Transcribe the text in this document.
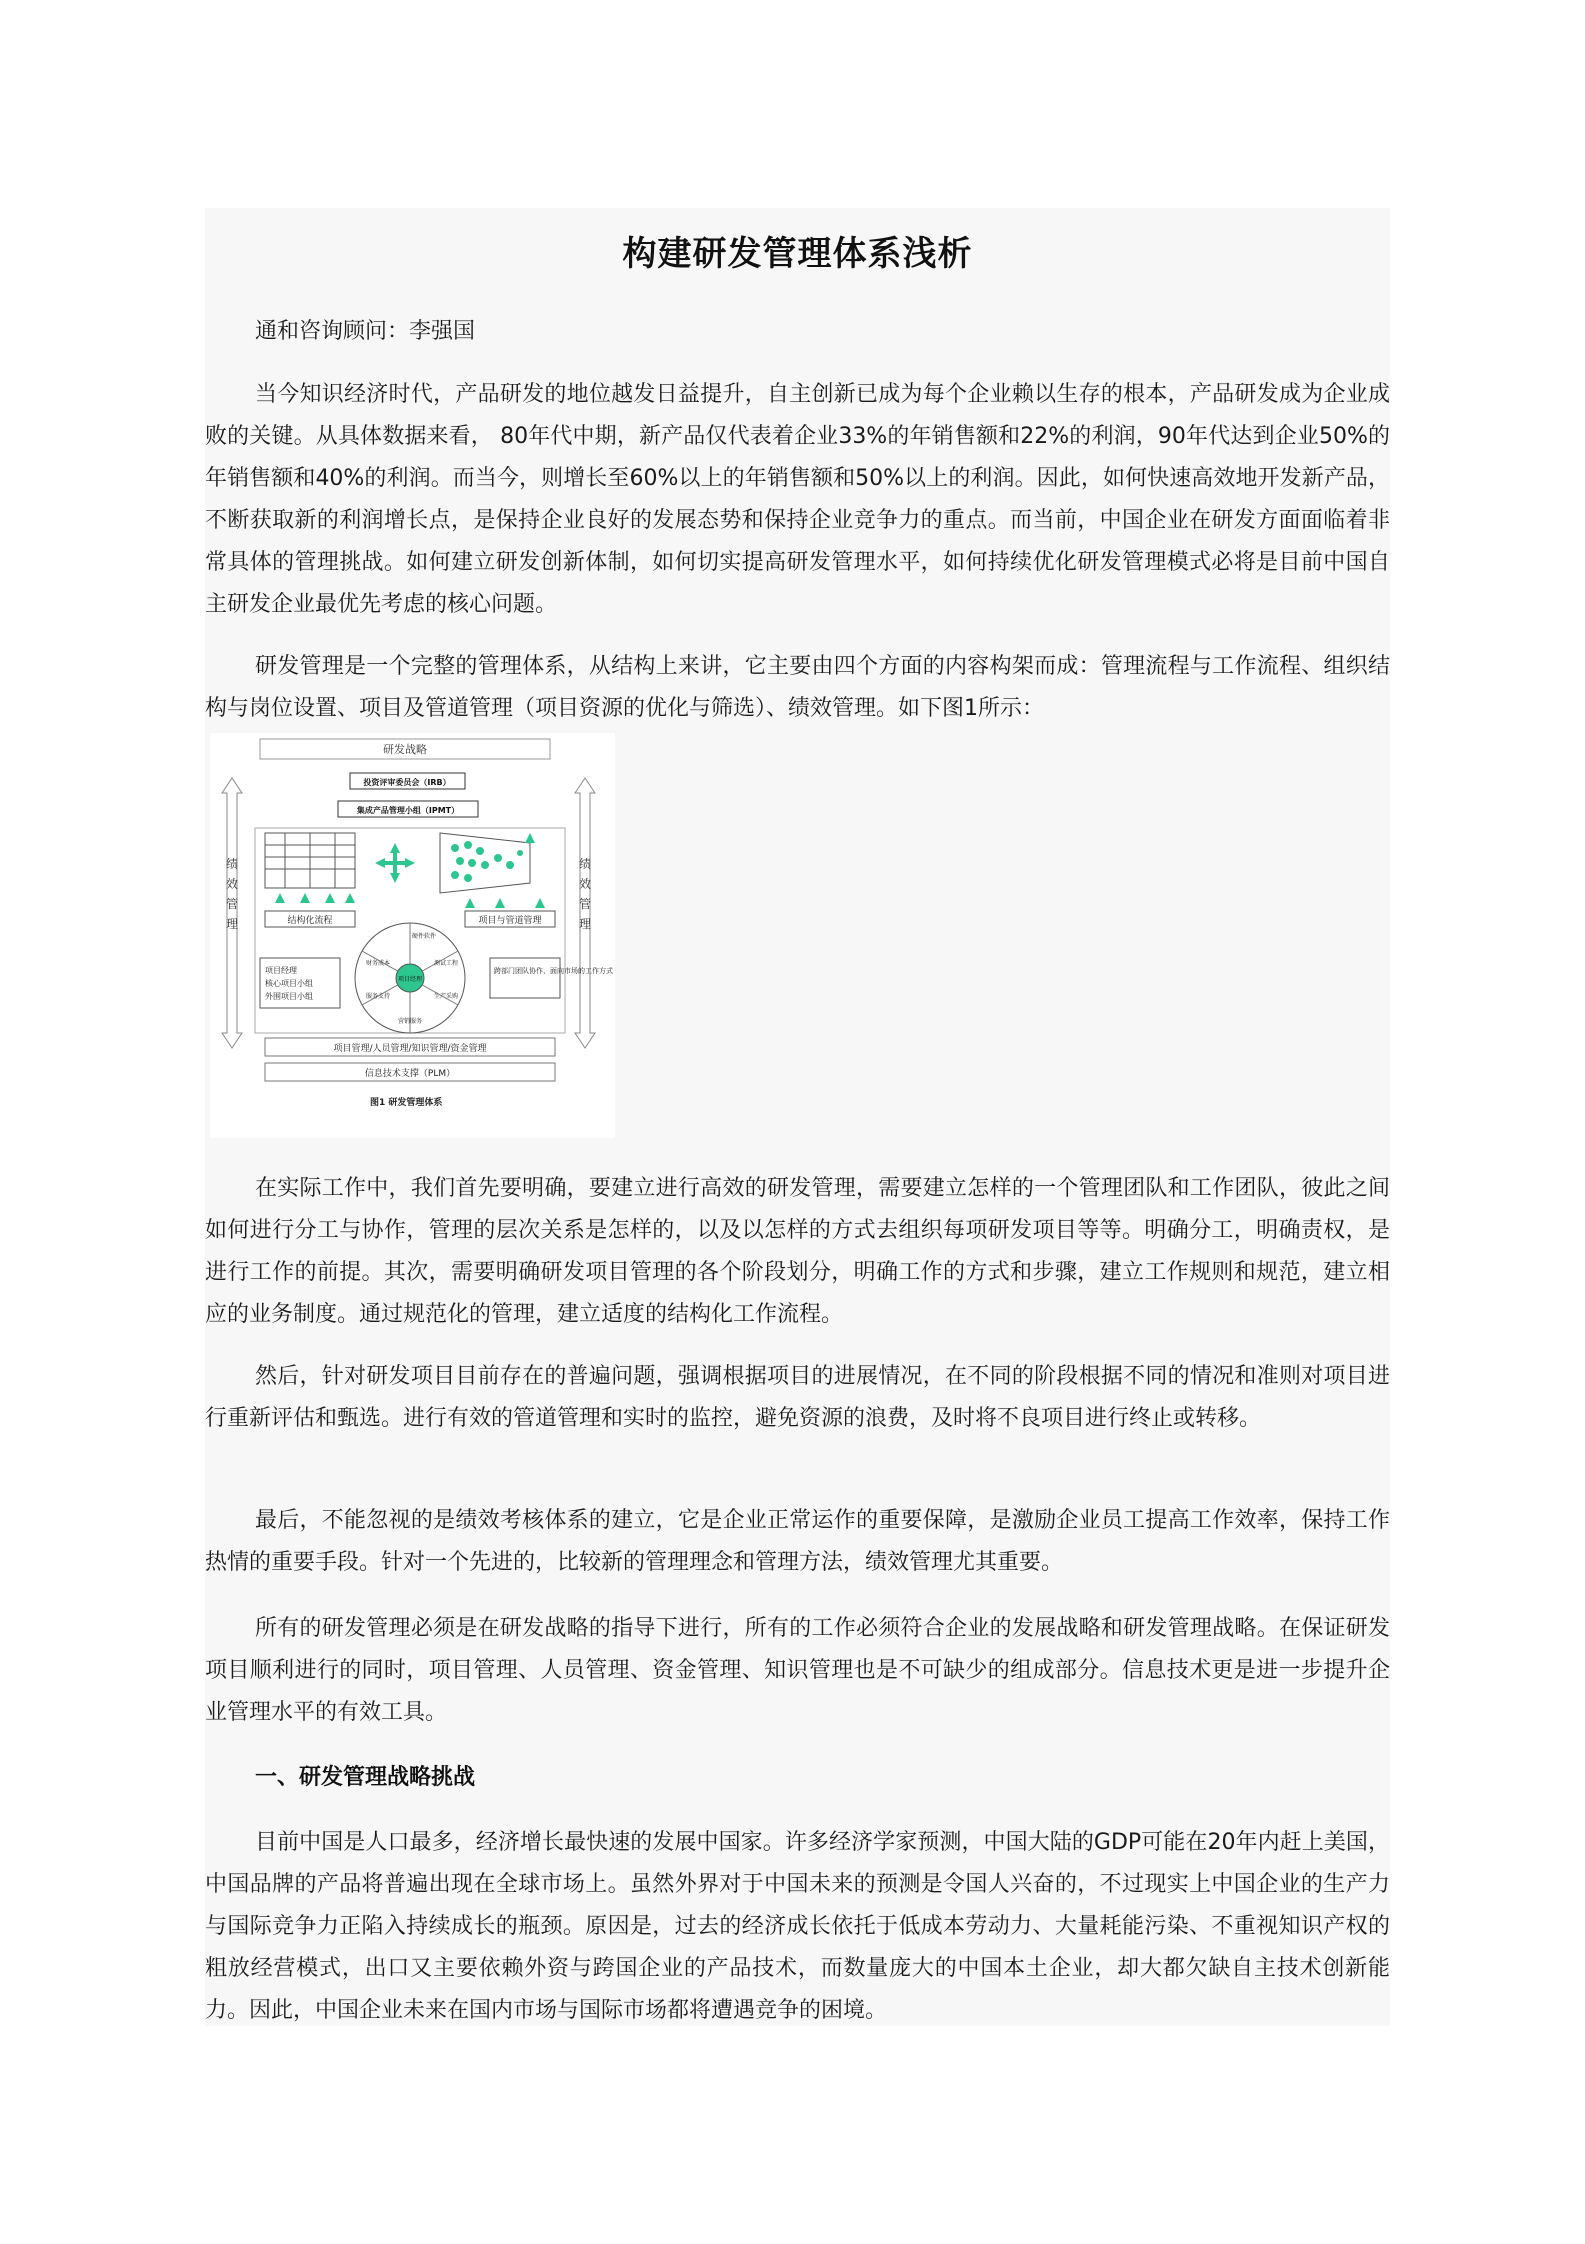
构建研发管理体系浅析
通和咨询顾问：李强国

当今知识经济时代，产品研发的地位越发日益提升，自主创新已成为每个企业赖以生存的根本，产品研发成为企业成败的关键。从具体数据来看， 80年代中期，新产品仅代表着企业33%的年销售额和22%的利润，90年代达到企业50%的年销售额和40%的利润。而当今，则增长至60%以上的年销售额和50%以上的利润。因此，如何快速高效地开发新产品，不断获取新的利润增长点，是保持企业良好的发展态势和保持企业竞争力的重点。而当前，中国企业在研发方面面临着非常具体的管理挑战。如何建立研发创新体制，如何切实提高研发管理水平，如何持续优化研发管理模式必将是目前中国自主研发企业最优先考虑的核心问题。

研发管理是一个完整的管理体系，从结构上来讲，它主要由四个方面的内容构架而成：管理流程与工作流程、组织结构与岗位设置、项目及管道管理（项目资源的优化与筛选）、绩效管理。如下图1所示：

研发战略
投资评审委员会（IRB）
集成产品管理小组（IPMT）
绩效管理
绩效管理
结构化流程	项目与管道管理
项目经理
核心项目小组
外围项目小组
跨部门团队协作、面向市场的工作方式
项目经理
硬件软件
测试工程
生产采购
营销服务
服务支持
财务成本
项目管理/人员管理/知识管理/资金管理
信息技术支撑（PLM）
图1 研发管理体系

在实际工作中，我们首先要明确，要建立进行高效的研发管理，需要建立怎样的一个管理团队和工作团队，彼此之间如何进行分工与协作，管理的层次关系是怎样的，以及以怎样的方式去组织每项研发项目等等。明确分工，明确责权，是进行工作的前提。其次，需要明确研发项目管理的各个阶段划分，明确工作的方式和步骤，建立工作规则和规范，建立相应的业务制度。通过规范化的管理，建立适度的结构化工作流程。

然后，针对研发项目目前存在的普遍问题，强调根据项目的进展情况，在不同的阶段根据不同的情况和准则对项目进行重新评估和甄选。进行有效的管道管理和实时的监控，避免资源的浪费，及时将不良项目进行终止或转移。

最后，不能忽视的是绩效考核体系的建立，它是企业正常运作的重要保障，是激励企业员工提高工作效率，保持工作热情的重要手段。针对一个先进的，比较新的管理理念和管理方法，绩效管理尤其重要。

所有的研发管理必须是在研发战略的指导下进行，所有的工作必须符合企业的发展战略和研发管理战略。在保证研发项目顺利进行的同时，项目管理、人员管理、资金管理、知识管理也是不可缺少的组成部分。信息技术更是进一步提升企业管理水平的有效工具。

一、研发管理战略挑战

目前中国是人口最多，经济增长最快速的发展中国家。许多经济学家预测，中国大陆的GDP可能在20年内赶上美国，中国品牌的产品将普遍出现在全球市场上。虽然外界对于中国未来的预测是令国人兴奋的，不过现实上中国企业的生产力与国际竞争力正陷入持续成长的瓶颈。原因是，过去的经济成长依托于低成本劳动力、大量耗能污染、不重视知识产权的粗放经营模式，出口又主要依赖外资与跨国企业的产品技术，而数量庞大的中国本土企业，却大都欠缺自主技术创新能力。因此，中国企业未来在国内市场与国际市场都将遭遇竞争的困境。
